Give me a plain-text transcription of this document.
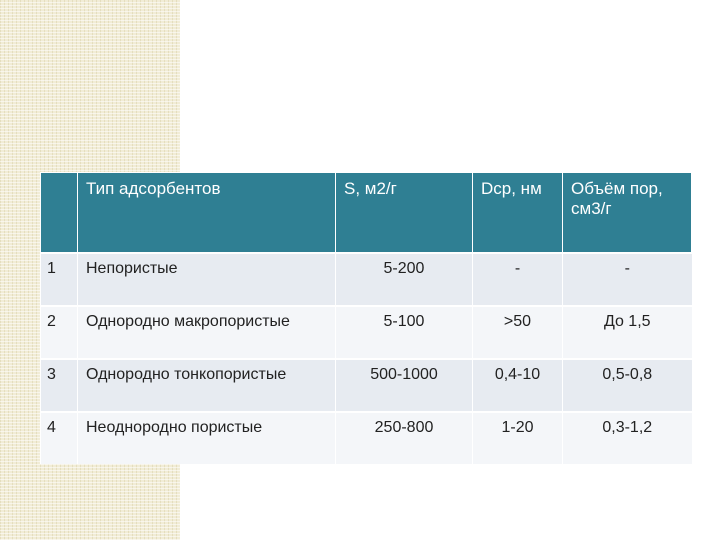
	Тип адсорбентов	S, м2/г	Dср, нм	Объём пор, см3/г
1	Непористые	5-200	-	-
2	Однородно макропористые	5-100	>50	До 1,5
3	Однородно тонкопористые	500-1000	0,4-10	0,5-0,8
4	Неоднородно пористые	250-800	1-20	0,3-1,2
